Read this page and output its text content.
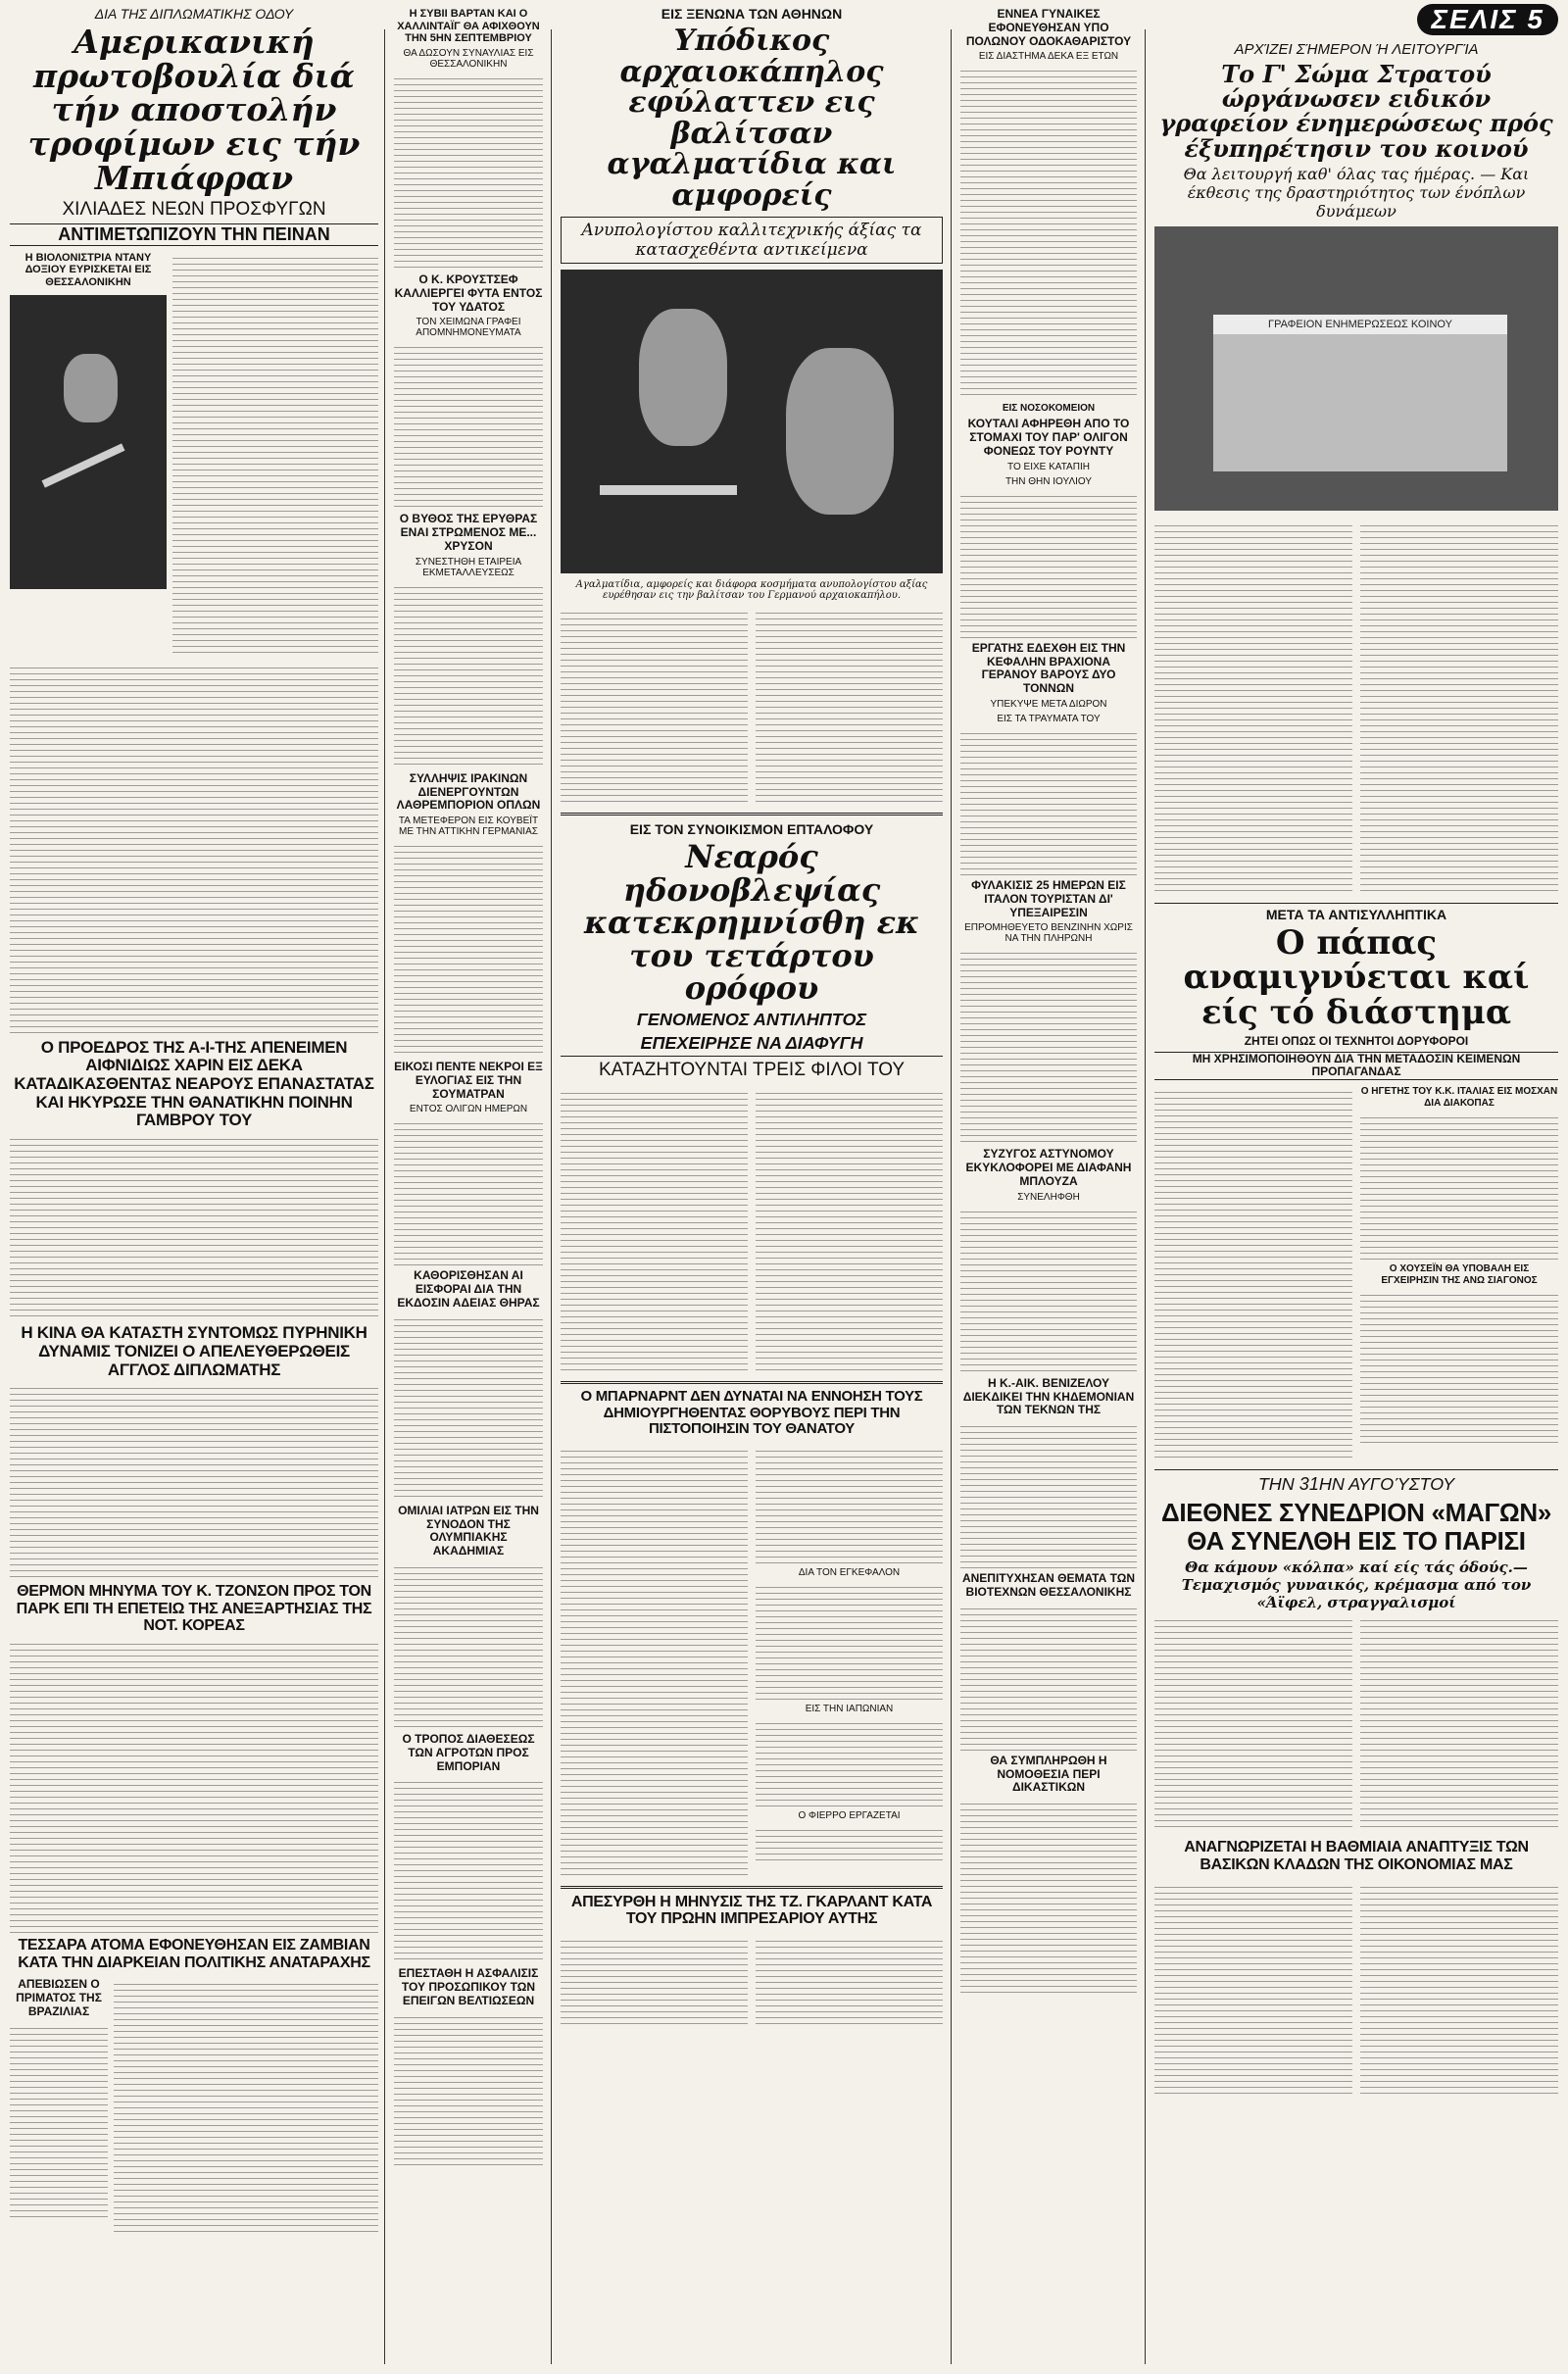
ΔΙΑ ΤΗΣ ΔΙΠΛΩΜΑΤΙΚΗΣ ΟΔΟΥ
Αμερικανική πρωτοβουλία διά τήν αποστολήν τροφίμων εις τήν Μπιάφραν
ΧΙΛΙΑΔΕΣ ΝΕΩΝ ΠΡΟΣΦΥΓΩΝ
ΑΝΤΙΜΕΤΩΠΙΖΟΥΝ ΤΗΝ ΠΕΙΝΑΝ
Η ΒΙΟΛΟΝΙΣΤΡΙΑ ΝΤΑΝΥ ΔΟΞΙΟΥ ΕΥΡΙΣΚΕΤΑΙ ΕΙΣ ΘΕΣΣΑΛΟΝΙΚΗΝ
Ο ΠΡΟΕΔΡΟΣ ΤΗΣ Α-Ι-ΤΗΣ ΑΠΕΝΕΙΜΕΝ ΑΙΦΝΙΔΙΩΣ ΧΑΡΙΝ ΕΙΣ ΔΕΚΑ ΚΑΤΑΔΙΚΑΣΘΕΝΤΑΣ ΝΕΑΡΟΥΣ ΕΠΑΝΑΣΤΑΤΑΣ ΚΑΙ ΗΚΥΡΩΣΕ ΤΗΝ ΘΑΝΑΤΙΚΗΝ ΠΟΙΝΗΝ ΓΑΜΒΡΟΥ ΤΟΥ
Η ΚΙΝΑ ΘΑ ΚΑΤΑΣΤΗ ΣΥΝΤΟΜΩΣ ΠΥΡΗΝΙΚΗ ΔΥΝΑΜΙΣ ΤΟΝΙΖΕΙ Ο ΑΠΕΛΕΥΘΕΡΩΘΕΙΣ ΑΓΓΛΟΣ ΔΙΠΛΩΜΑΤΗΣ
ΘΕΡΜΟΝ ΜΗΝΥΜΑ ΤΟΥ Κ. ΤΖΟΝΣΟΝ ΠΡΟΣ ΤΟΝ ΠΑΡΚ ΕΠΙ ΤΗ ΕΠΕΤΕΙΩ ΤΗΣ ΑΝΕΞΑΡΤΗΣΙΑΣ ΤΗΣ ΝΟΤ. ΚΟΡΕΑΣ
ΤΕΣΣΑΡΑ ΑΤΟΜΑ ΕΦΟΝΕΥΘΗΣΑΝ ΕΙΣ ΖΑΜΒΙΑΝ ΚΑΤΑ ΤΗΝ ΔΙΑΡΚΕΙΑΝ ΠΟΛΙΤΙΚΗΣ ΑΝΑΤΑΡΑΧΗΣ
ΑΠΕΒΙΩΣΕΝ Ο ΠΡΙΜΑΤΟΣ ΤΗΣ ΒΡΑΖΙΛΙΑΣ
Η ΣΥΒΙΙ ΒΑΡΤΑΝ ΚΑΙ Ο ΧΑΛΛΙΝΤΑΪΓ ΘΑ ΑΦΙΧΘΟΥΝ ΤΗΝ 5ΗΝ ΣΕΠΤΕΜΒΡΙΟΥ
ΘΑ ΔΩΣΟΥΝ ΣΥΝΑΥΛΙΑΣ ΕΙΣ ΘΕΣΣΑΛΟΝΙΚΗΝ
Ο Κ. ΚΡΟΥΣΤΣΕΦ ΚΑΛΛΙΕΡΓΕΙ ΦΥΤΑ ΕΝΤΟΣ ΤΟΥ ΥΔΑΤΟΣ
ΤΟΝ ΧΕΙΜΩΝΑ ΓΡΑΦΕΙ ΑΠΟΜΝΗΜΟΝΕΥΜΑΤΑ
Ο ΒΥΘΟΣ ΤΗΣ ΕΡΥΘΡΑΣ ΕΝΑΙ ΣΤΡΩΜΕΝΟΣ ΜΕ... ΧΡΥΣΟΝ
ΣΥΝΕΣΤΗΘΗ ΕΤΑΙΡΕΙΑ ΕΚΜΕΤΑΛΛΕΥΣΕΩΣ
ΣΥΛΛΗΨΙΣ ΙΡΑΚΙΝΩΝ ΔΙΕΝΕΡΓΟΥΝΤΩΝ ΛΑΘΡΕΜΠΟΡΙΟΝ ΟΠΛΩΝ
ΤΑ ΜΕΤΕΦΕΡΟΝ ΕΙΣ ΚΟΥΒΕΪΤ ΜΕ ΤΗΝ ΑΤΤΙΚΗΝ ΓΕΡΜΑΝΙΑΣ
ΕΙΚΟΣΙ ΠΕΝΤΕ ΝΕΚΡΟΙ ΕΞ ΕΥΛΟΓΙΑΣ ΕΙΣ ΤΗΝ ΣΟΥΜΑΤΡΑΝ
ΕΝΤΟΣ ΟΛΙΓΩΝ ΗΜΕΡΩΝ
ΚΑΘΟΡΙΣΘΗΣΑΝ ΑΙ ΕΙΣΦΟΡΑΙ ΔΙΑ ΤΗΝ ΕΚΔΟΣΙΝ ΑΔΕΙΑΣ ΘΗΡΑΣ
ΟΜΙΛΙΑΙ ΙΑΤΡΩΝ ΕΙΣ ΤΗΝ ΣΥΝΟΔΟΝ ΤΗΣ ΟΛΥΜΠΙΑΚΗΣ ΑΚΑΔΗΜΙΑΣ
Ο ΤΡΟΠΟΣ ΔΙΑΘΕΣΕΩΣ ΤΩΝ ΑΓΡΟΤΩΝ ΠΡΟΣ ΕΜΠΟΡΙΑΝ
ΕΠΕΣΤΑΘΗ Η ΑΣΦΑΛΙΣΙΣ ΤΟΥ ΠΡΟΣΩΠΙΚΟΥ ΤΩΝ ΕΠΕΙΓΩΝ ΒΕΛΤΙΩΣΕΩΝ
ΕΙΣ ΞΕΝΩΝΑ ΤΩΝ ΑΘΗΝΩΝ
Υπόδικος αρχαιοκάπηλος εφύλαττεν εις βαλίτσαν αγαλματίδια και αμφορείς
Ανυπολογίστου καλλιτεχνικής άξίας τα κατασχεθέντα αντικείμενα
Αγαλματίδια, αμφορείς και διάφορα κοσμήματα ανυπολογίστου αξίας ευρέθησαν εις την βαλίτσαν του Γερμανού αρχαιοκαπήλου.
ΕΙΣ ΤΟΝ ΣΥΝΟΙΚΙΣΜΟΝ ΕΠΤΑΛΟΦΟΥ
Νεαρός ηδονοβλεψίας κατεκρημνίσθη εκ του τετάρτου ορόφου
ΓΕΝΟΜΕΝΟΣ ΑΝΤΙΛΗΠΤΟΣ
ΕΠΕΧΕΙΡΗΣΕ ΝΑ ΔΙΑΦΥΓΗ
ΚΑΤΑΖΗΤΟΥΝΤΑΙ ΤΡΕΙΣ ΦΙΛΟΙ ΤΟΥ
Ο ΜΠΑΡΝΑΡΝΤ ΔΕΝ ΔΥΝΑΤΑΙ ΝΑ ΕΝΝΟΗΣΗ ΤΟΥΣ ΔΗΜΙΟΥΡΓΗΘΕΝΤΑΣ ΘΟΡΥΒΟΥΣ ΠΕΡΙ ΤΗΝ ΠΙΣΤΟΠΟΙΗΣΙΝ ΤΟΥ ΘΑΝΑΤΟΥ
ΔΙΑ ΤΟΝ ΕΓΚΕΦΑΛΟΝ
ΕΙΣ ΤΗΝ ΙΑΠΩΝΙΑΝ
Ο ΦΙΕΡΡΟ ΕΡΓΑΖΕΤΑΙ
ΑΠΕΣΥΡΘΗ Η ΜΗΝΥΣΙΣ ΤΗΣ ΤΖ. ΓΚΑΡΛΑΝΤ ΚΑΤΑ ΤΟΥ ΠΡΩΗΝ ΙΜΠΡΕΣΑΡΙΟΥ ΑΥΤΗΣ
ΕΝΝΕΑ ΓΥΝΑΙΚΕΣ ΕΦΟΝΕΥΘΗΣΑΝ ΥΠΟ ΠΟΛΩΝΟΥ ΟΔΟΚΑΘΑΡΙΣΤΟΥ
ΕΙΣ ΔΙΑΣΤΗΜΑ ΔΕΚΑ ΕΞ ΕΤΩΝ
ΕΙΣ ΝΟΣΟΚΟΜΕΙΟΝ
ΚΟΥΤΑΛΙ ΑΦΗΡΕΘΗ ΑΠΟ ΤΟ ΣΤΟΜΑΧΙ ΤΟΥ ΠΑΡ' ΟΛΙΓΟΝ ΦΟΝΕΩΣ ΤΟΥ ΡΟΥΝΤΥ
ΤΟ ΕΙΧΕ ΚΑΤΑΠΙΗ
ΤΗΝ ΘΗΝ ΙΟΥΛΙΟΥ
ΕΡΓΑΤΗΣ ΕΔΕΧΘΗ ΕΙΣ ΤΗΝ ΚΕΦΑΛΗΝ ΒΡΑΧΙΟΝΑ ΓΕΡΑΝΟΥ ΒΑΡΟΥΣ ΔΥΟ ΤΟΝΝΩΝ
ΥΠΕΚΥΨΕ ΜΕΤΑ ΔΙΩΡΟΝ
ΕΙΣ ΤΑ ΤΡΑΥΜΑΤΑ ΤΟΥ
ΦΥΛΑΚΙΣΙΣ 25 ΗΜΕΡΩΝ ΕΙΣ ΙΤΑΛΟΝ ΤΟΥΡΙΣΤΑΝ ΔΙ' ΥΠΕΞΑΙΡΕΣΙΝ
ΕΠΡΟΜΗΘΕΥΕΤΟ ΒΕΝΖΙΝΗΝ ΧΩΡΙΣ ΝΑ ΤΗΝ ΠΛΗΡΩΝΗ
ΣΥΖΥΓΟΣ ΑΣΤΥΝΟΜΟΥ ΕΚΥΚΛΟΦΟΡΕΙ ΜΕ ΔΙΑΦΑΝΗ ΜΠΛΟΥΖΑ
ΣΥΝΕΛΗΦΘΗ
Η Κ.-ΑΙΚ. ΒΕΝΙΖΕΛΟΥ ΔΙΕΚΔΙΚΕΙ ΤΗΝ ΚΗΔΕΜΟΝΙΑΝ ΤΩΝ ΤΕΚΝΩΝ ΤΗΣ
ΑΝΕΠΙΤΥΧΗΣΑΝ ΘΕΜΑΤΑ ΤΩΝ ΒΙΟΤΕΧΝΩΝ ΘΕΣΣΑΛΟΝΙΚΗΣ
ΘΑ ΣΥΜΠΛΗΡΩΘΗ Η ΝΟΜΟΘΕΣΙΑ ΠΕΡΙ ΔΙΚΑΣΤΙΚΩΝ
ΣΕΛΙΣ 5
ΑΡΧΊΖΕΙ ΣΉΜΕΡΟΝ Ή ΛΕΙΤΟΥΡΓΊΑ
Το Γ' Σώμα Στρατού ώργάνωσεν ειδικόν γραφείον ένημερώσεως πρός έξυπηρέτησιν του κοινού
Θα λειτουργή καθ' όλας τας ήμέρας. — Και έκθεσις της δραστηριότητος των ένόπλων δυνάμεων
ΓΡΑΦΕΙΟΝ ΕΝΗΜΕΡΩΣΕΩΣ ΚΟΙΝΟΥ
ΜΕΤΑ ΤΑ ΑΝΤΙΣΥΛΛΗΠΤΙΚΑ
Ο πάπας αναμιγνύεται καί είς τό διάστημα
ΖΗΤΕΙ ΟΠΩΣ ΟΙ ΤΕΧΝΗΤΟΙ ΔΟΡΥΦΟΡΟΙ
ΜΗ ΧΡΗΣΙΜΟΠΟΙΗΘΟΥΝ ΔΙΑ ΤΗΝ ΜΕΤΑΔΟΣΙΝ ΚΕΙΜΕΝΩΝ ΠΡΟΠΑΓΑΝΔΑΣ
Ο ΗΓΕΤΗΣ ΤΟΥ Κ.Κ. ΙΤΑΛΙΑΣ ΕΙΣ ΜΟΣΧΑΝ ΔΙΑ ΔΙΑΚΟΠΑΣ
Ο ΧΟΥΣΕΪΝ ΘΑ ΥΠΟΒΑΛΗ ΕΙΣ ΕΓΧΕΙΡΗΣΙΝ ΤΗΣ ΑΝΩ ΣΙΑΓΟΝΟΣ
ΤΗΝ 31ΗΝ ΑΥΓΟΎΣΤΟΥ
ΔΙΕΘΝΕΣ ΣΥΝΕΔΡΙΟΝ «ΜΑΓΩΝ» ΘΑ ΣΥΝΕΛΘΗ ΕΙΣ ΤΟ ΠΑΡΙΣΙ
Θα κάμουν «κόλπα» καί είς τάς όδούς.—Τεμαχισμός γυναικός, κρέμασμα από τον «Άϊφελ, στραγγαλισμοί
ΑΝΑΓΝΩΡΙΖΕΤΑΙ Η ΒΑΘΜΙΑΙΑ ΑΝΑΠΤΥΞΙΣ ΤΩΝ ΒΑΣΙΚΩΝ ΚΛΑΔΩΝ ΤΗΣ ΟΙΚΟΝΟΜΙΑΣ ΜΑΣ
